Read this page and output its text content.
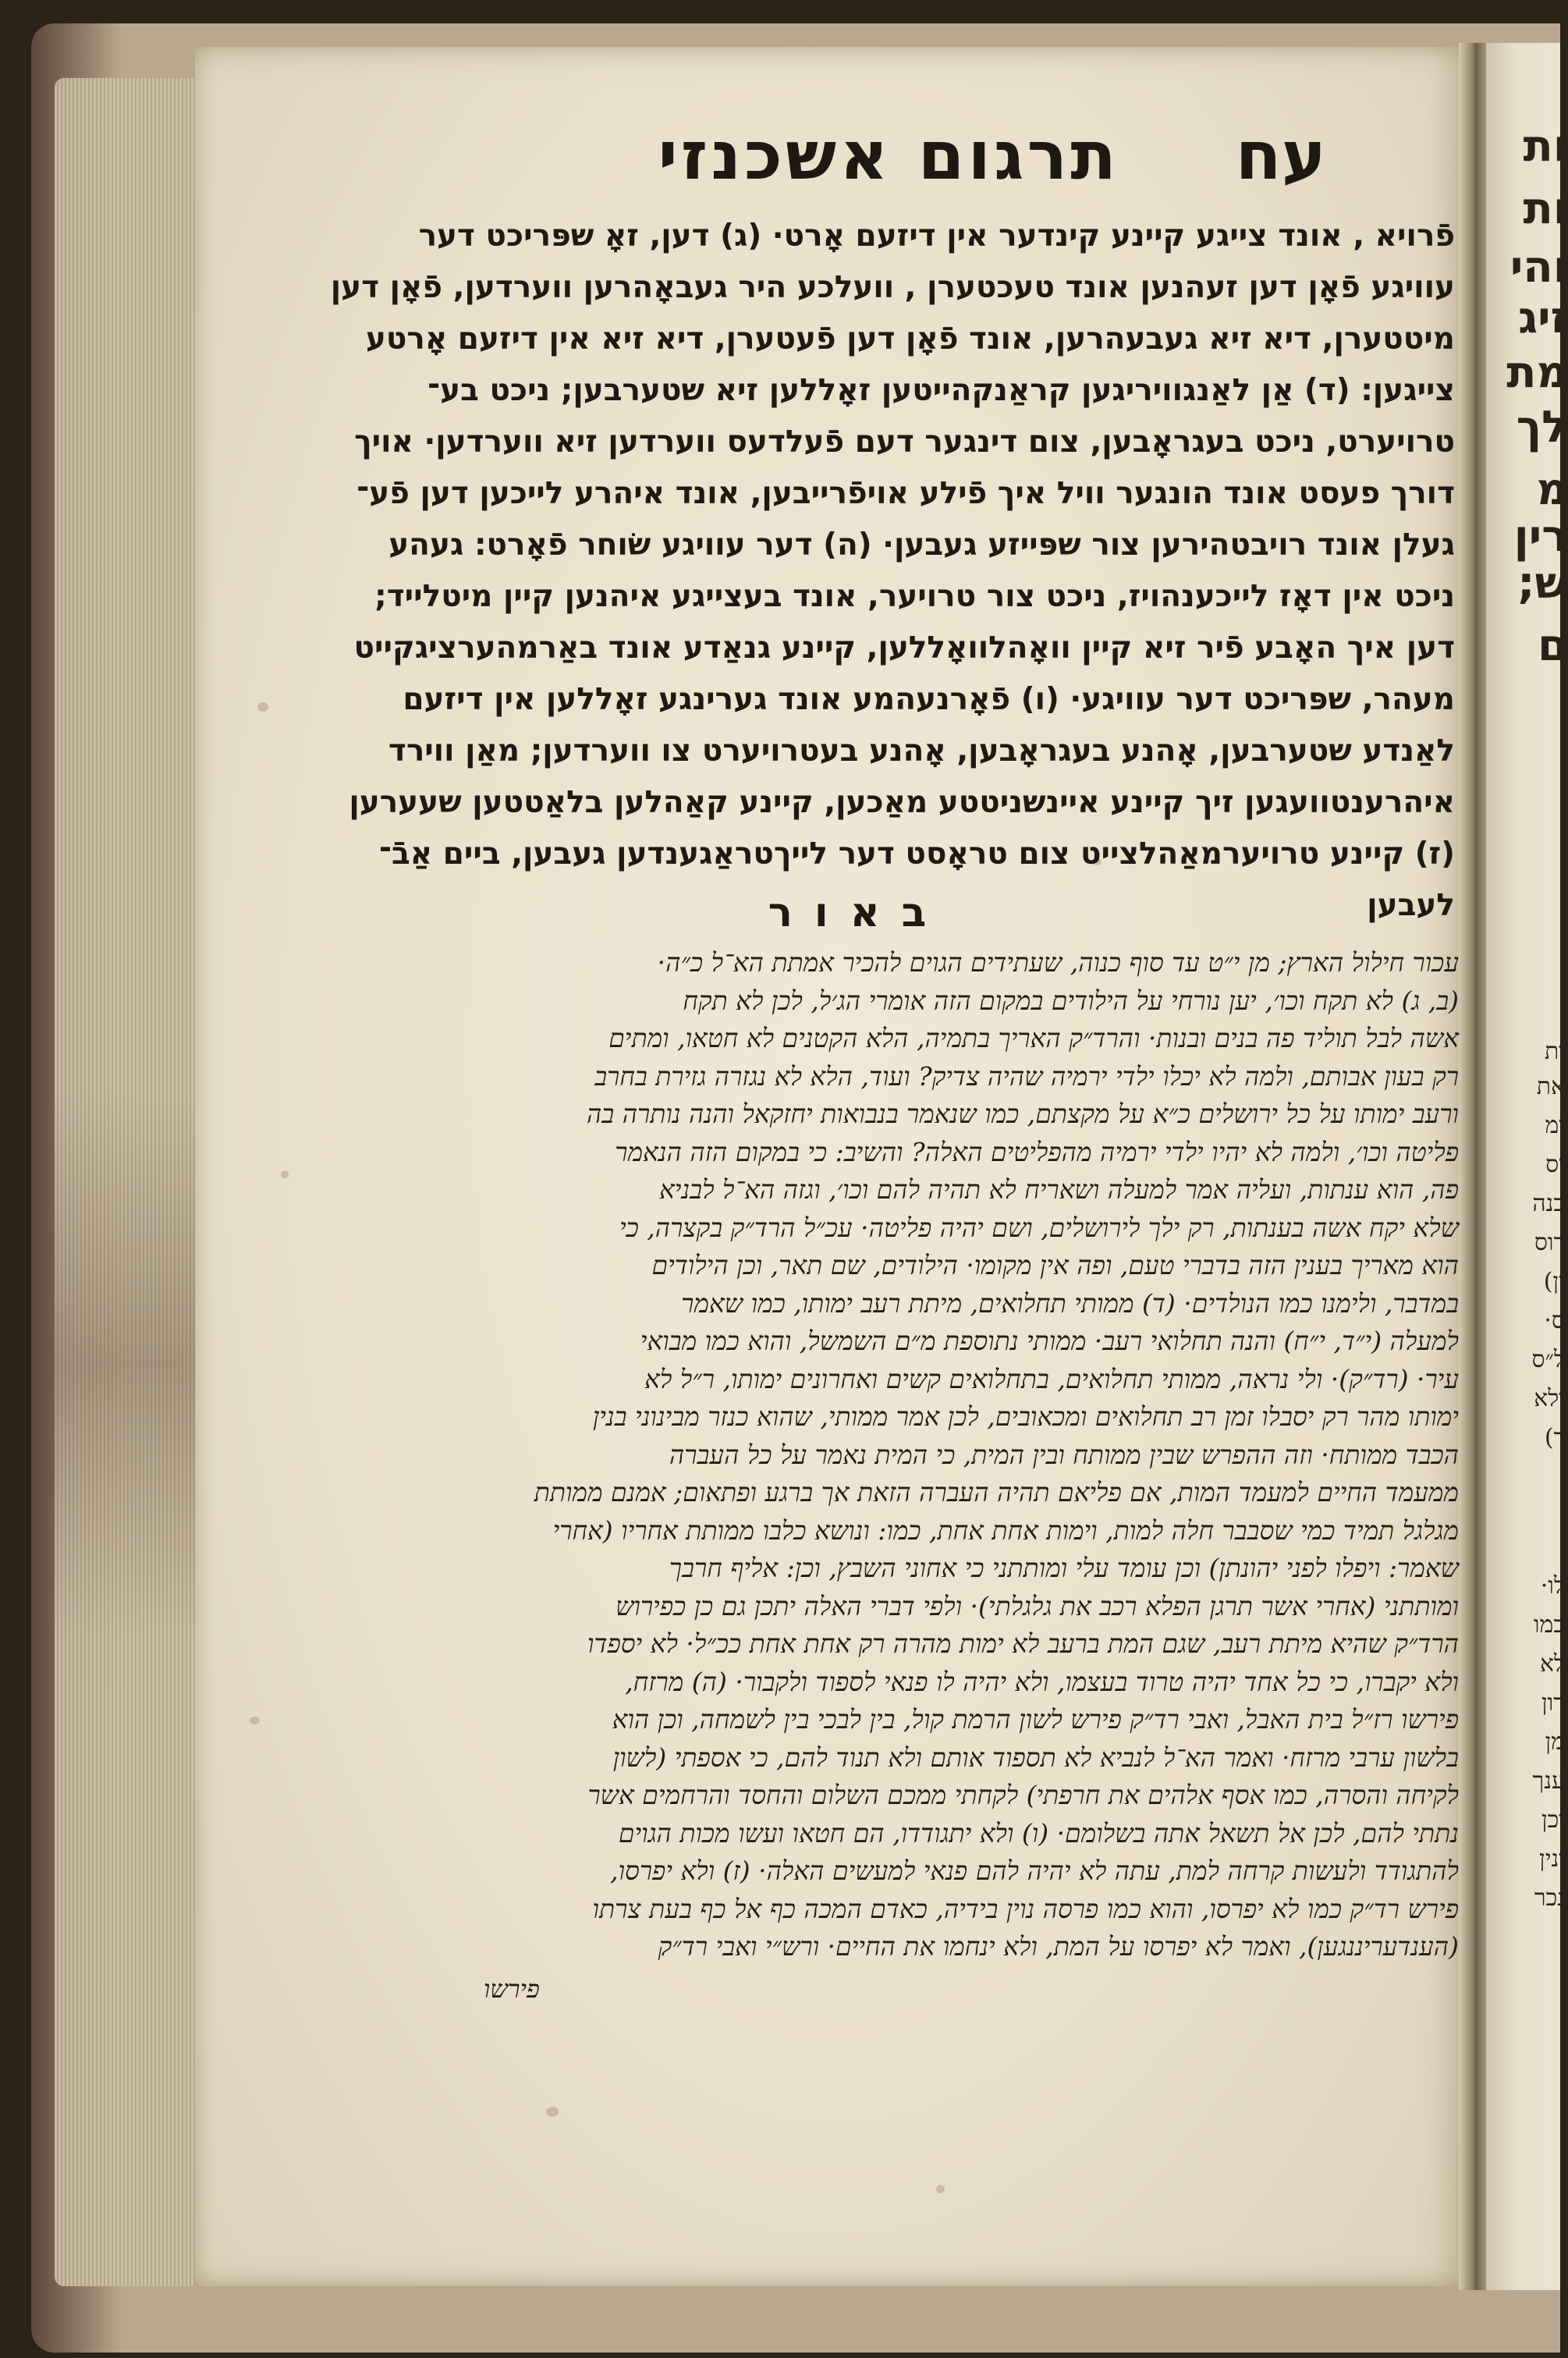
ות
ות
והי
זיג
מת
לך
מ
רין
ש;
ם
ות
את
ומ
יס
כנה
דוס
ין)
ס·
ל״ס
ולא
ד)
לו·
כמו
לא
רון
מן
ענך
וכן
ונין
נכר
עח
תרגום אשכנזי
פֿרויא , אונד צייגע קיינע קינדער אין דיזעם אָרט· (ג) דען, זאָ שפּריכט דער
עוויגע פֿאָן דען זעהנען אונד טעכטערן , וועלכע היר געבאָהרען ווערדען, פֿאָן דען
מיטטערן, דיא זיא געבעהרען, אונד פֿאָן דען פֿעטערן, דיא זיא אין דיזעם אָרטע
צייגען: (ד) אַן לאַנגוויריגען קראַנקהייטען זאָללען זיא שטערבען; ניכט בע־
טרויערט, ניכט בעגראָבען, צום דינגער דעם פֿעלדעס ווערדען זיא ווערדען· אויך
דורך פעסט אונד הונגער וויל איך פֿילע אויפֿרייבען, אונד איהרע לייכען דען פֿע־
געלן אונד רויבטהירען צור שפּייזע געבען· (ה) דער עוויגע שׂוחר פֿאָרט: געהע
ניכט אין דאָז לייכענהויז, ניכט צור טרויער, אונד בעצייגע איהנען קיין מיטלייד;
דען איך האָבע פֿיר זיא קיין וואָהלוואָללען, קיינע גנאַדע אונד באַרמהערציגקייט
מעהר, שפּריכט דער עוויגע· (ו) פֿאָרנעהמע אונד גערינגע זאָללען אין דיזעם
לאַנדע שטערבען, אָהנע בעגראָבען, אָהנע בעטרויערט צו ווערדען; מאַן ווירד
איהרענטוועגען זיך קיינע איינשניטטע מאַכען, קיינע קאַהלען בלאַטטען שעערען
(ז) קיינע טרויערמאַהלצייט צום טראָסט דער לייךטראַגענדען געבען, ביים אַבֿ־
לעבען
באור
עכור חילול הארץ; מן י״ט עד סוף כנוה, שעתידים הגוים להכיר אמתת הא־ל כ״ה·
(ב, ג) לא תקח וכו׳, יען נורחי על הילודים במקום הזה אומרי הג׳ל, לכן לא תקח
אשה לבל תוליד פה בנים ובנות· והרד״ק האריך בתמיה, הלא הקטנים לא חטאו, ומתים
רק בעון אבותם, ולמה לא יכלו ילדי ירמיה שהיה צדיק? ועוד, הלא לא נגזרה גזירת בחרב
ורעב ימותו על כל ירושלים כ״א על מקצתם, כמו שנאמר בנבואות יחזקאל והנה נותרה בה
פליטה וכו׳, ולמה לא יהיו ילדי ירמיה מהפליטים האלה? והשיב: כי במקום הזה הנאמר
פה, הוא ענתות, ועליה אמר למעלה ושאריח לא תהיה להם וכו׳, וגזה הא־ל לבניא
שלא יקח אשה בענתות, רק ילך לירושלים, ושם יהיה פליטה· עכ״ל הרד״ק בקצרה, כי
הוא מאריך בענין הזה בדברי טעם, ופה אין מקומו· הילודים, שם תאר, וכן הילודים
במדבר, ולימנו כמו הנולדים· (ד) ממותי תחלואים, מיתת רעב ימותו, כמו שאמר
למעלה (י״ד, י״ח) והנה תחלואי רעב· ממותי נתוספת מ״ם השמשל, והוא כמו מבואי
עיר· (רד״ק)· ולי נראה, ממותי תחלואים, בתחלואים קשים ואחרונים ימותו, ר״ל לא
ימותו מהר רק יסבלו זמן רב תחלואים ומכאובים, לכן אמר ממותי, שהוא כנזר מבינוני בנין
הכבד ממותח· וזה ההפרש שבין ממותח ובין המית, כי המית נאמר על כל העברה
ממעמד החיים למעמד המות, אם פליאם תהיה העברה הזאת אך ברגע ופתאום; אמנם ממותת
מגלגל תמיד כמי שסבבר חלה למות, וימות אחת אחת, כמו: ונושא כלבו ממותת אחריו (אחרי
שאמר: ויפלו לפני יהונתן) וכן עומד עלי ומותתני כי אחוני השבץ, וכן: אליף חרבך
ומותתני (אחרי אשר תרגן הפלא רכב את גלגלתי)· ולפי דברי האלה יתכן גם כן כפירוש
הרד״ק שהיא מיתת רעב, שגם המת ברעב לא ימות מהרה רק אחת אחת ככ״ל· לא יספדו
ולא יקברו, כי כל אחד יהיה טרוד בעצמו, ולא יהיה לו פנאי לספוד ולקבור· (ה) מרזח,
פירשו רז״ל בית האבל, ואבי רד״ק פירש לשון הרמת קול, בין לבכי בין לשמחה, וכן הוא
בלשון ערבי מרזח· ואמר הא־ל לנביא לא תספוד אותם ולא תנוד להם, כי אספתי (לשון
לקיחה והסרה, כמו אסף אלהים את חרפתי) לקחתי ממכם השלום והחסד והרחמים אשר
נתתי להם, לכן אל תשאל אתה בשלומם· (ו) ולא יתגודדו, הם חטאו ועשו מכות הגוים
להתגודד ולעשות קרחה למת, עתה לא יהיה להם פנאי למעשים האלה· (ז) ולא יפרסו,
פירש רד״ק כמו לא יפרסו, והוא כמו פרסה נוין בידיה, כאדם המכה כף אל כף בעת צרתו
(הענדעריננגען), ואמר לא יפרסו על המת, ולא ינחמו את החיים· ורש״י ואבי רד״ק
פירשו
